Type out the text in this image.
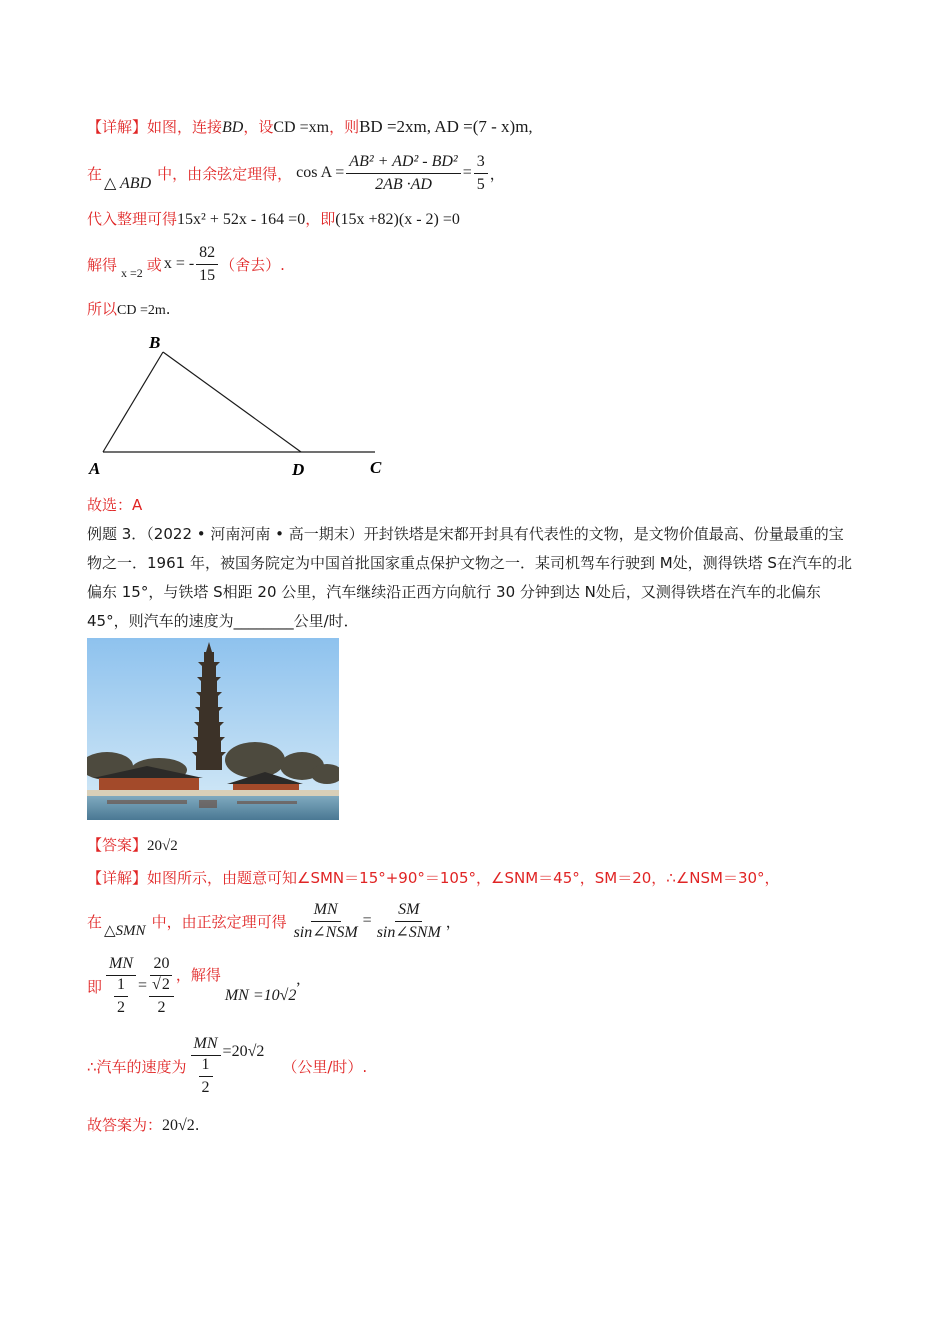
【详解】如图，连接BD，设CD =xm，则BD =2xm, AD =(7 - x)m,
在
△ ABD
中，由余弦定理得， $\cos A = \frac{\text{AB² + AD² - BD²}}{2AB \cdot AD} = \frac{3}{5}$ ，
代入整理可得15x² + 52x - 164 =0，即(15x +82)(x - 2) =0
解得 x =2 或 x = - $\frac{82}{15}$ （舍去）.
所以CD =2m.
B
A	D	C
故选：A
例题 3．（2022 • 河南河南 • 高一期末）开封铁塔是宋都开封具有代表性的文物，是文物价值最高、份量最重的宝物之一．1961 年，被国务院定为中国首批国家重点保护文物之一．某司机驾车行驶到 M处，测得铁塔 S在汽车的北偏东 15°，与铁塔 S相距 20 公里，汽车继续沿正西方向航行 30 分钟到达 N处后，又测得铁塔在汽车的北偏东 45°，则汽车的速度为________公里/时．
【答案】20√2
【详解】如图所示，由题意可知∠SMN＝15°+90°＝105°，∠SNM＝45°，SM＝20，∴∠NSM＝30°，
在 △SMN 中，由正弦定理可得 $\frac{MN}{\text{sin∠NSM}} = \frac{SM}{\text{sin∠SNM}}$ ，
即 $\frac{MN}{\frac{1}{2}} = \frac{20}{\frac{√2}{2}}$ ，解得
MN =10√2
,
∴汽车的速度为 $\frac{MN}{\frac{1}{2}} =20√2$
（公里/时）.
故答案为：20√2.
